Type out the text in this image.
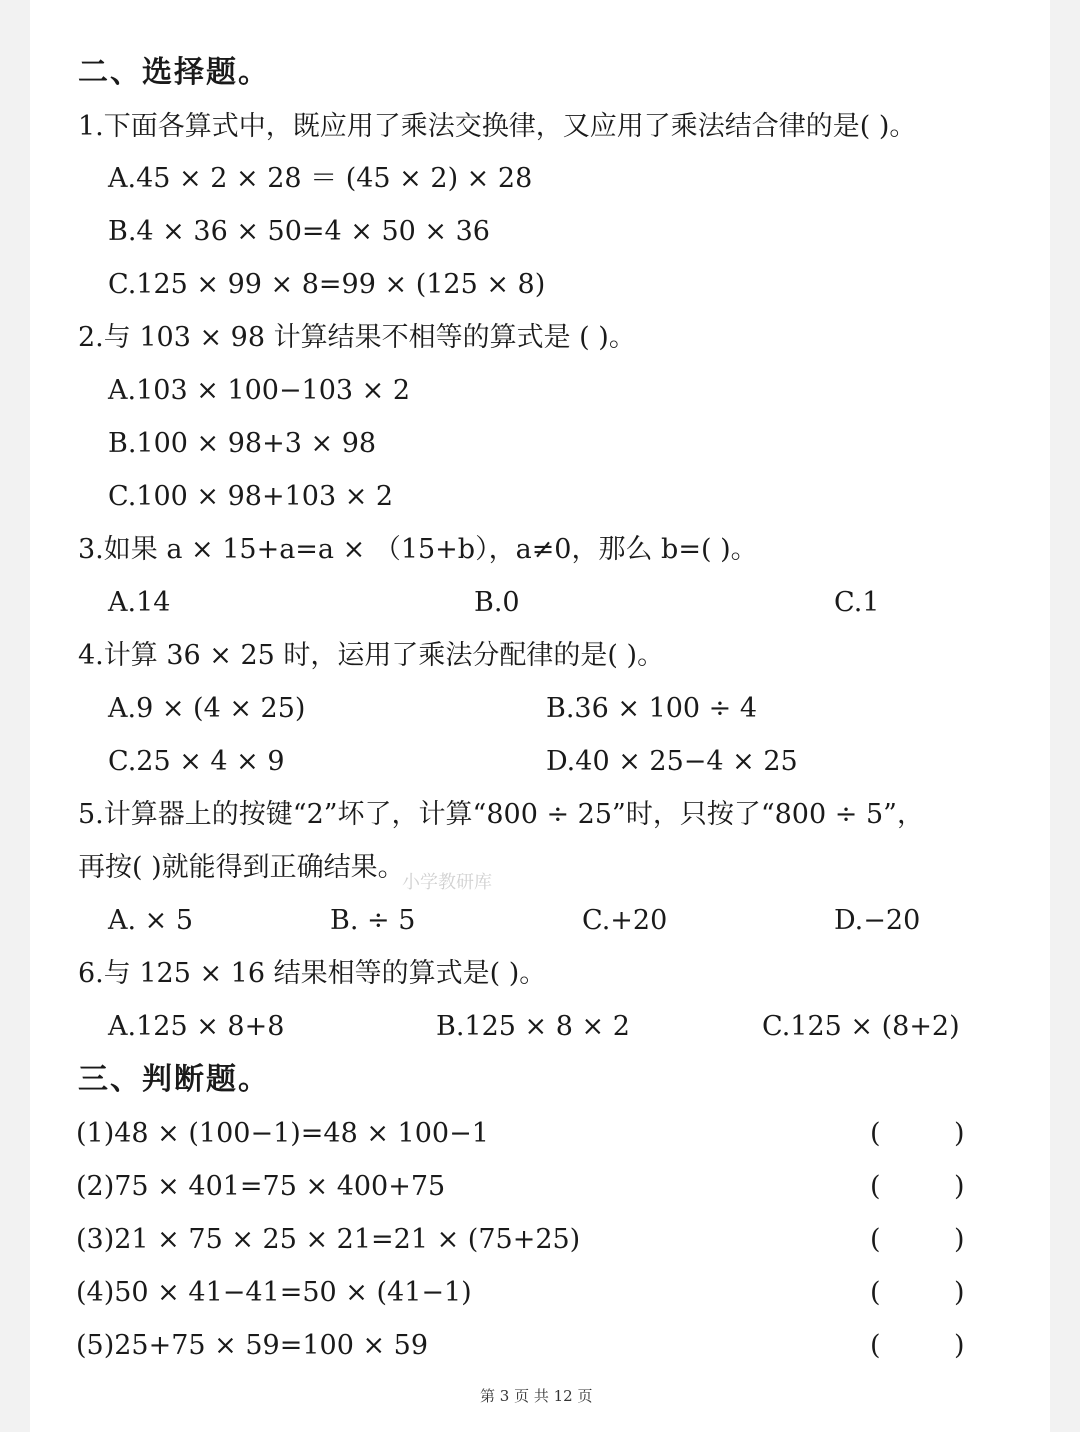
二、选择题。
1.下面各算式中，既应用了乘法交换律，又应用了乘法结合律的是( )。
A.45 × 2 × 28 ＝ (45 × 2) × 28
B.4 × 36 × 50=4 × 50 × 36
C.125 × 99 × 8=99 × (125 × 8)
2.与 103 × 98 计算结果不相等的算式是 ( )。
A.103 × 100−103 × 2
B.100 × 98+3 × 98
C.100 × 98+103 × 2
3.如果 a × 15+a=a × （15+b），a≠0，那么 b=( )。
A.14	B.0	C.1
4.计算 36 × 25 时，运用了乘法分配律的是( )。
A.9 × (4 × 25)	B.36 × 100 ÷ 4
C.25 × 4 × 9	D.40 × 25−4 × 25
5.计算器上的按键“2”坏了，计算“800 ÷ 25”时，只按了“800 ÷ 5”，
再按( )就能得到正确结果。
小学教研库
A. × 5	B. ÷ 5	C.+20	D.−20
6.与 125 × 16 结果相等的算式是( )。
A.125 × 8+8	B.125 × 8 × 2	C.125 × (8+2)
三、判断题。
(1)48 × (100−1)=48 × 100−1	(	)
(2)75 × 401=75 × 400+75	(	)
(3)21 × 75 × 25 × 21=21 × (75+25)	(	)
(4)50 × 41−41=50 × (41−1)	(	)
(5)25+75 × 59=100 × 59	(	)
第 3 页 共 12 页
